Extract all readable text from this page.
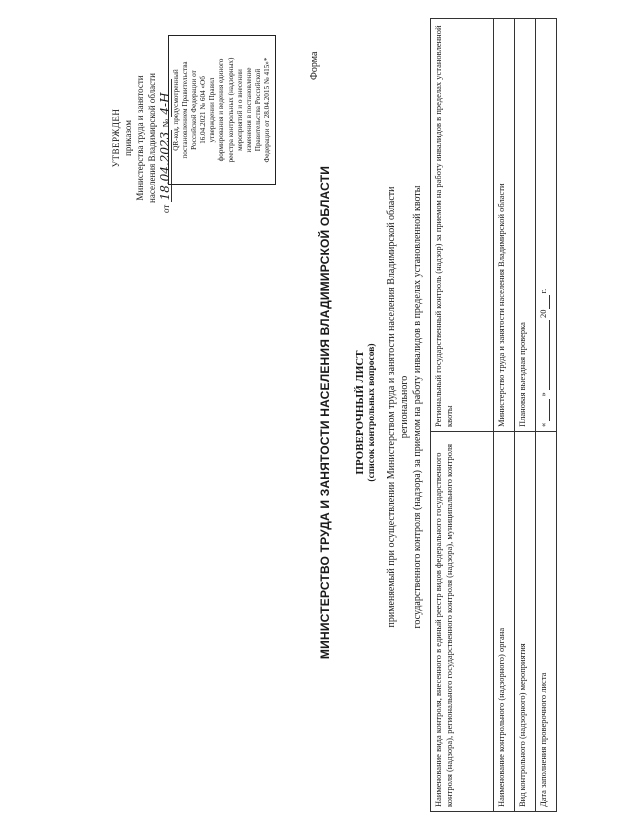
УТВЕРЖДЕН приказом Министерства труда и занятости населения Владимирской области
от 18.04.2023 № 4-Н QR-код, предусмотренный постановлением Правительства Российской Федерации от 16.04.2021 № 604 «Об утверждении Правил формирования и ведения единого реестра контрольных (надзорных) мероприятий и о внесении изменения в постановление Правительства Российской Федерации от 28.04.2015 № 415»*	Форма
МИНИСТЕРСТВО ТРУДА И ЗАНЯТОСТИ НАСЕЛЕНИЯ ВЛАДИМИРСКОЙ ОБЛАСТИ ПРОВЕРОЧНЫЙ ЛИСТ (список контрольных вопросов) применяемый при осуществлении Министерством труда и занятости населения Владимирской области регионального государственного контроля (надзора) за приемом на работу инвалидов в пределах установленной квоты
Наименование вида контроля, внесенного в единый реестр видов федерального государственного контроля (надзора), регионального государственного контроля (надзора), муниципального контроля	Региональный государственный контроль (надзор) за приемом на работу инвалидов в пределах установленной квоты
Наименование контрольного (надзорного) органа	Министерство труда и занятости населения Владимирской области
Вид контрольного (надзорного) мероприятия	Плановая выездная проверка
Дата заполнения проверочного листа	«   »   20  г.
